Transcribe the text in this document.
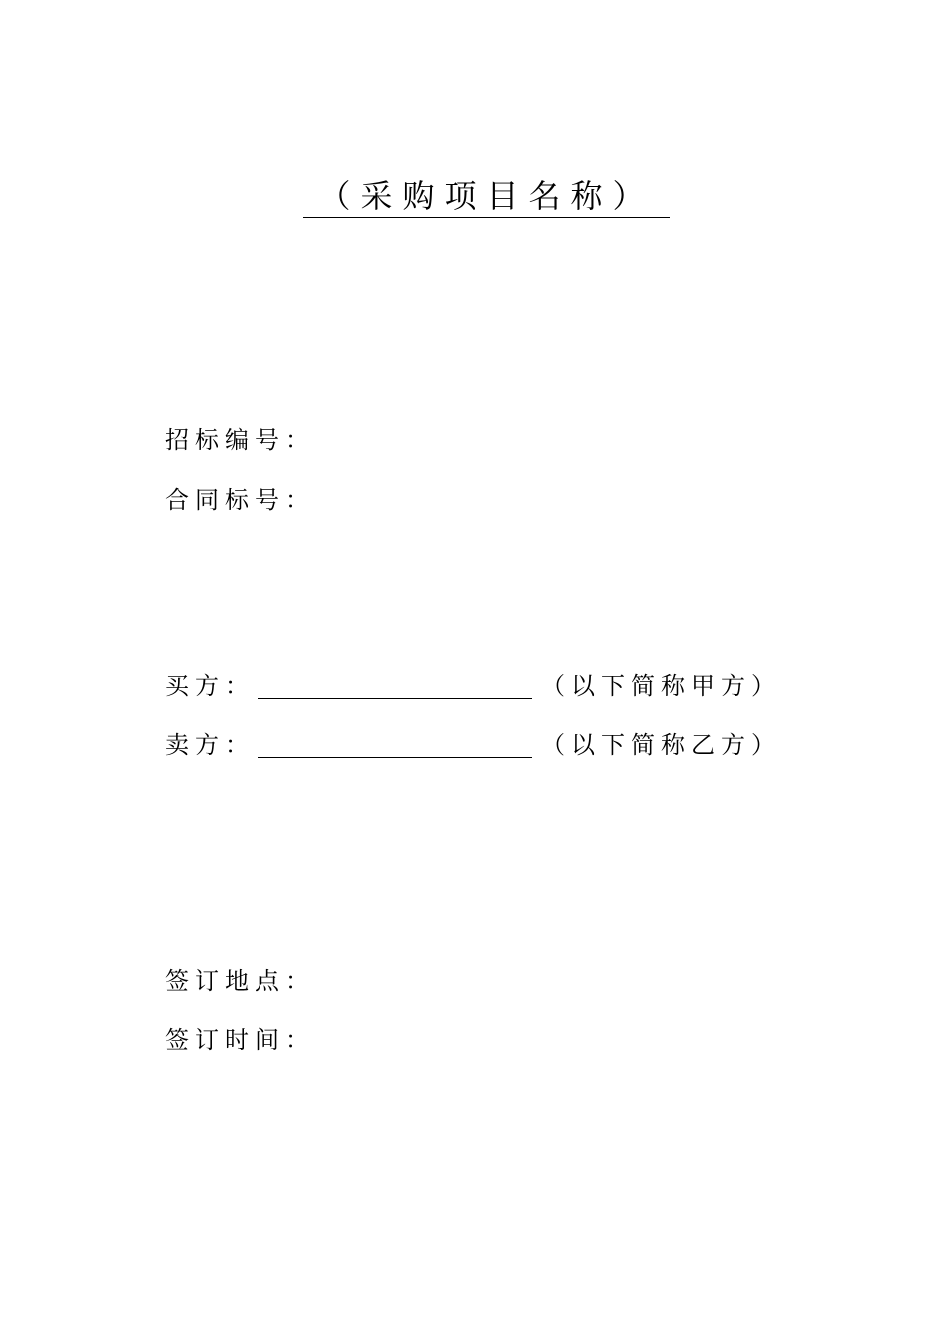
（采购项目名称）
招标编号：
合同标号：
买方：	（以下简称甲方）
卖方：	（以下简称乙方）
签订地点：
签订时间：
